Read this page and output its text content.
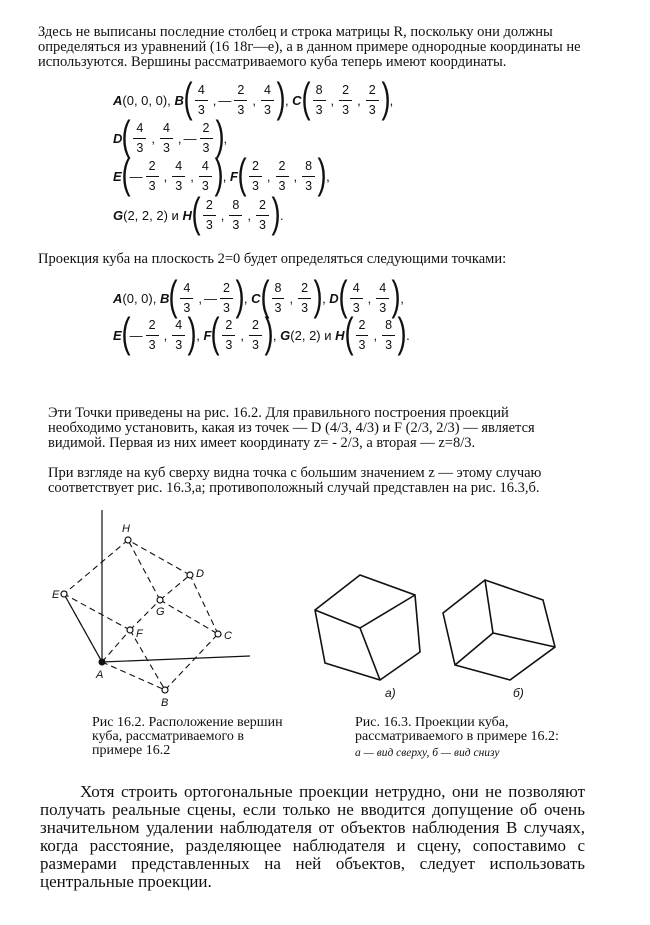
Здесь не выписаны последние столбец и строка матрицы R, поскольку они должны определяться из уравнений (16 18г—е), а в данном примере однородные координаты не используются. Вершины рассматриваемого куба теперь имеют координаты.

A (0, 0, 0),
B ( $\frac{4}{3}$ , — $\frac{2}{3}$ , $\frac{4}{3}$ ) , C ( $\frac{8}{3}$ , $\frac{2}{3}$ , $\frac{2}{3}$ ) ,
D ( $\frac{4}{3}$ , $\frac{4}{3}$ , — $\frac{2}{3}$ ) ,
E ( — $\frac{2}{3}$ , $\frac{4}{3}$ , $\frac{4}{3}$ ) , F ( $\frac{2}{3}$ , $\frac{2}{3}$ , $\frac{8}{3}$ ) ,
G (2, 2, 2)
и
H ( $\frac{2}{3}$ , $\frac{8}{3}$ , $\frac{2}{3}$ ) .

Проекция куба на плоскость 2=0 будет определяться следующими точками:

A (0, 0),
B ( $\frac{4}{3}$ , — $\frac{2}{3}$ ) , C ( $\frac{8}{3}$ , $\frac{2}{3}$ ) , D ( $\frac{4}{3}$ , $\frac{4}{3}$ ) ,
E ( — $\frac{2}{3}$ , $\frac{4}{3}$ ) , F ( $\frac{2}{3}$ , $\frac{2}{3}$ ) , G (2, 2)
и
H ( $\frac{2}{3}$ , $\frac{8}{3}$ ) .

Эти Точки приведены на рис. 16.2. Для правильного построения проекций необходимо установить, какая из точек — D (4/3, 4/3) и F (2/3, 2/3) — является видимой. Первая из них имеет координату z= - 2/3, а вторая — z=8/3.

При взгляде на куб сверху видна точка с большим значением z — этому случаю соответствует рис. 16.3,а; противоположный случай представлен на рис. 16.3,б.

H
D
E
G
F	C
A
B
a)	б)
Рис 16.2. Расположение вершин куба, рассматриваемого в примере 16.2
Рис. 16.3. Проекции куба, рассматриваемого в примере 16.2:
а — вид сверху, б — вид снизу

Хотя строить ортогональные проекции нетрудно, они не позволяют получать реальные сцены, если только не вводится допущение об очень значительном удалении наблюдателя от объектов наблюдения В случаях, когда расстояние, разделяющее наблюдателя и сцену, сопоставимо с размерами представленных на ней объектов, следует использовать центральные проекции.
